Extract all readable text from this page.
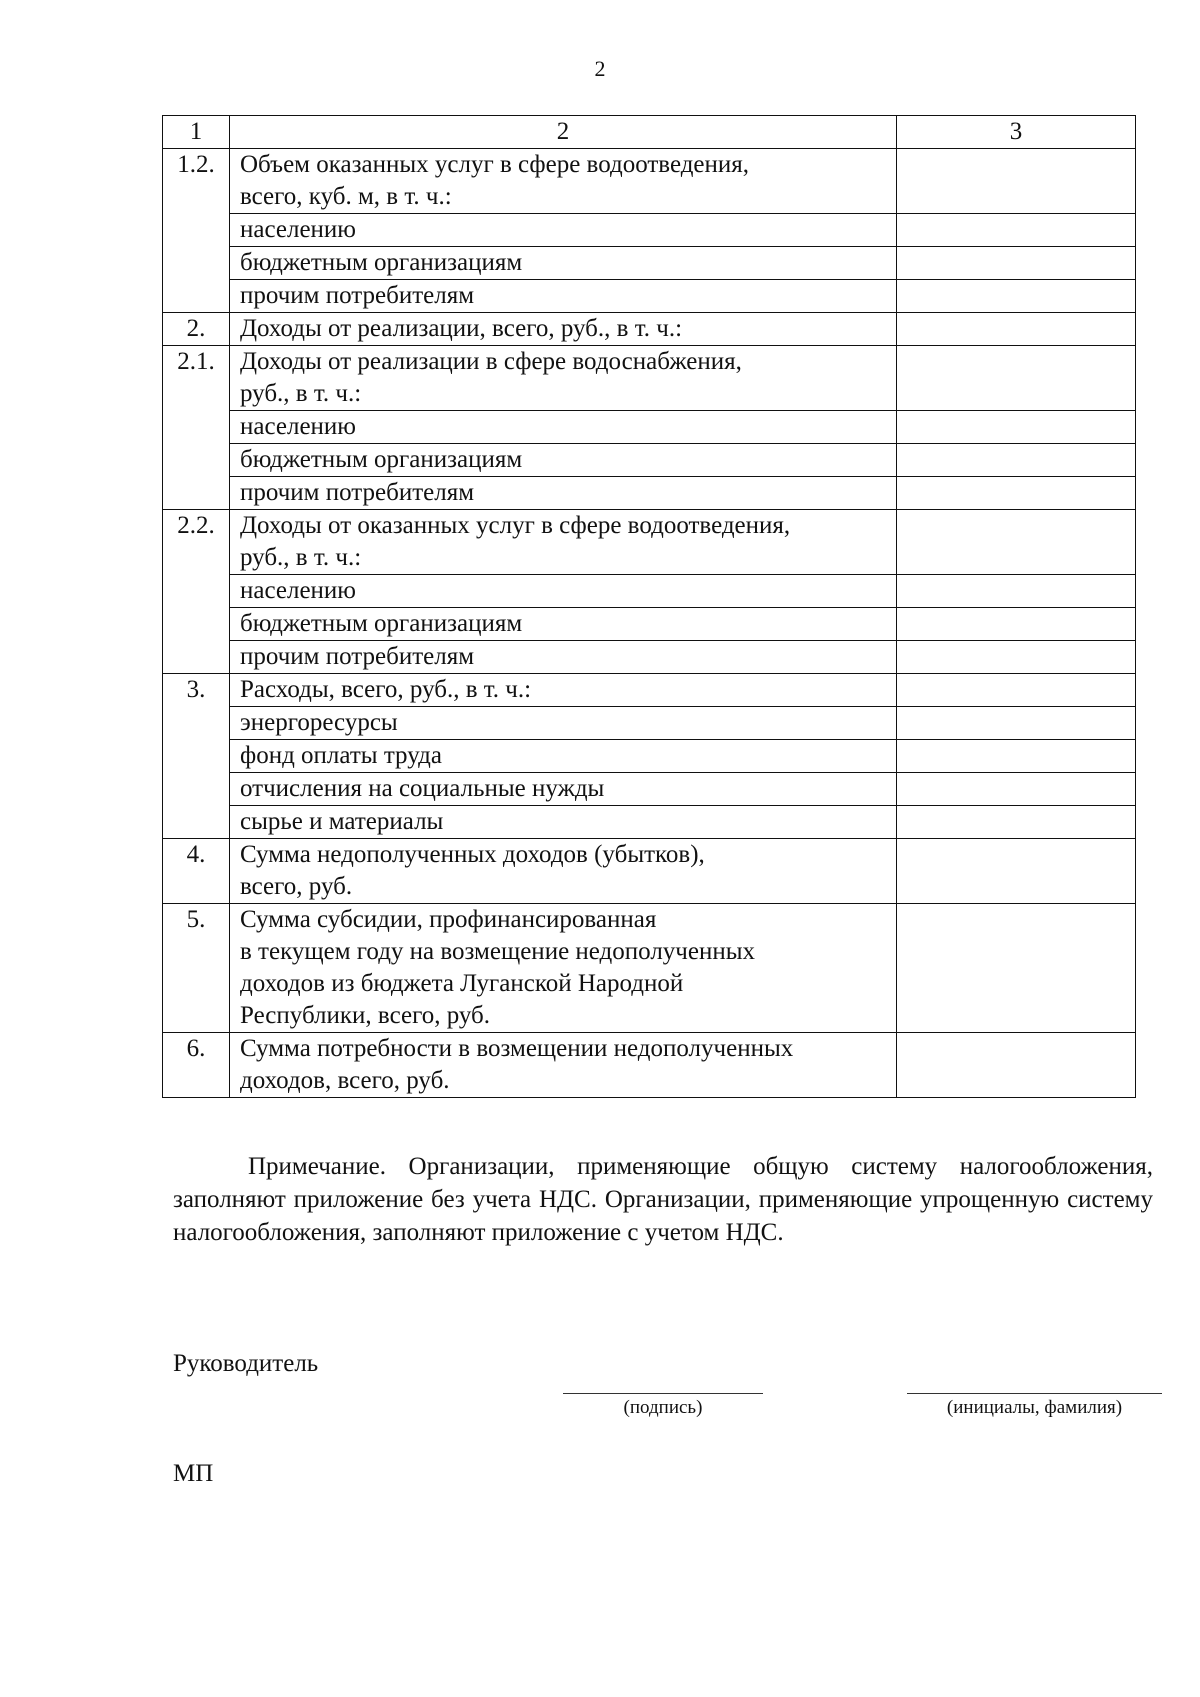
2
1	2	3
1.2.	Объем оказанных услуг в сфере водоотведения,
всего, куб. м, в т. ч.:	

	населению	
	бюджетным организациям	
	прочим потребителям	
2.	Доходы от реализации, всего, руб., в т. ч.:	

2.1.	Доходы от реализации в сфере водоснабжения,
руб., в т. ч.:	

	населению	
	бюджетным организациям	
	прочим потребителям	
2.2.	Доходы от оказанных услуг в сфере водоотведения,
руб., в т. ч.:	

	населению	
	бюджетным организациям	
	прочим потребителям	
3.	Расходы, всего, руб., в т. ч.:	

	энергоресурсы	
	фонд оплаты труда	
	отчисления на социальные нужды	
	сырье и материалы	
4.	Сумма недополученных доходов (убытков),
всего, руб.	

5.	Сумма субсидии, профинансированная
в текущем году на возмещение недополученных
доходов из бюджета Луганской Народной
Республики, всего, руб.	

6.	Сумма потребности в возмещении недополученных
доходов, всего, руб.	

Примечание. Организации, применяющие общую систему налогообложения, заполняют приложение без учета НДС. Организации, применяющие упрощенную систему налогообложения, заполняют приложение с учетом НДС.

Руководитель
(подпись)	(инициалы, фамилия)
МП
